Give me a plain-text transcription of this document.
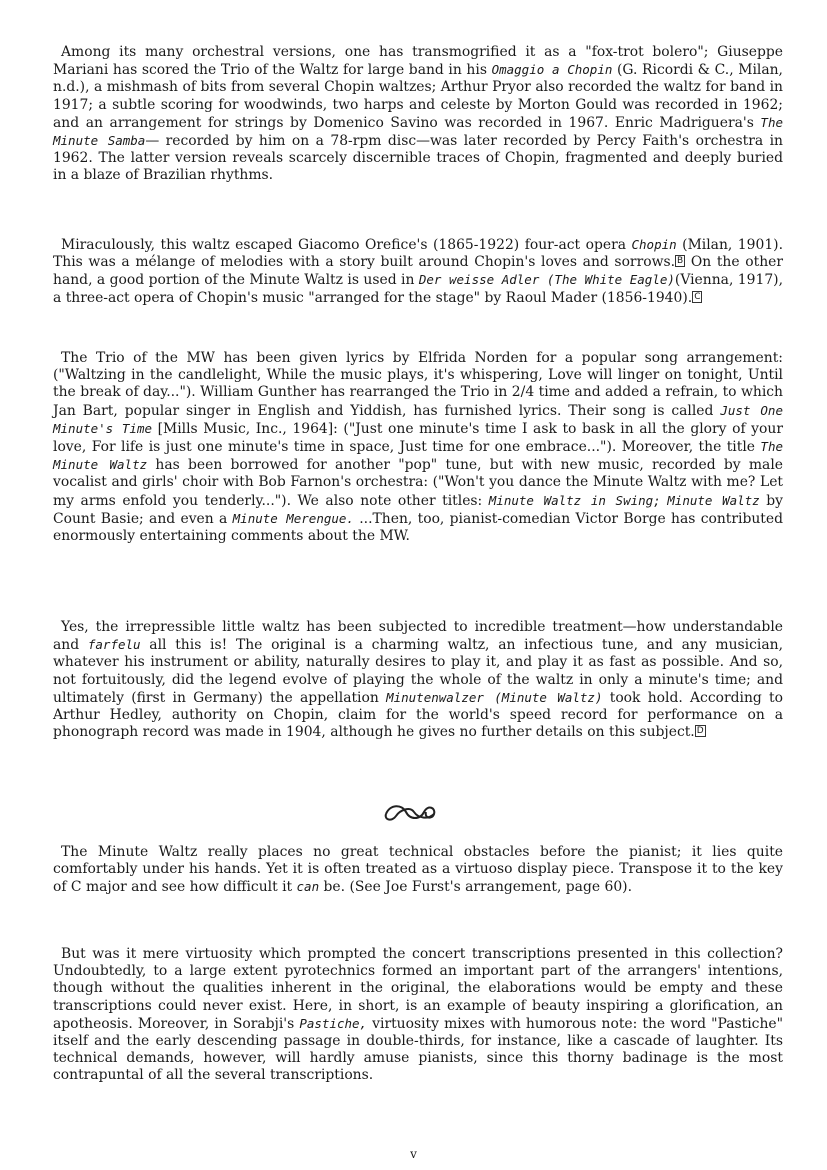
Among its many orchestral versions, one has transmogrified it as a "fox-trot bolero"; Giuseppe Mariani has scored the Trio of the Waltz for large band in his Omaggio a Chopin (G. Ricordi & C., Milan, n.d.), a mishmash of bits from several Chopin waltzes; Arthur Pryor also recorded the waltz for band in 1917; a subtle scoring for woodwinds, two harps and celeste by Morton Gould was recorded in 1962; and an arrangement for strings by Domenico Savino was recorded in 1967. Enric Madriguera's The Minute Samba— recorded by him on a 78-rpm disc—was later recorded by Percy Faith's orchestra in 1962. The latter version reveals scarcely discernible traces of Chopin, fragmented and deeply buried in a blaze of Brazilian rhythms.

Miraculously, this waltz escaped Giacomo Orefice's (1865-1922) four-act opera Chopin (Milan, 1901). This was a mélange of melodies with a story built around Chopin's loves and sorrows. B On the other hand, a good portion of the Minute Waltz is used in Der weisse Adler (The White Eagle)(Vienna, 1917), a three-act opera of Chopin's music "arranged for the stage" by Raoul Mader (1856-1940). C

The Trio of the MW has been given lyrics by Elfrida Norden for a popular song arrangement: ("Waltzing in the candlelight, While the music plays, it's whispering, Love will linger on tonight, Until the break of day..."). William Gunther has rearranged the Trio in 2/4 time and added a refrain, to which Jan Bart, popular singer in English and Yiddish, has furnished lyrics. Their song is called Just One Minute's Time [Mills Music, Inc., 1964]: ("Just one minute's time I ask to bask in all the glory of your love, For life is just one minute's time in space, Just time for one embrace..."). Moreover, the title The Minute Waltz has been borrowed for another "pop" tune, but with new music, recorded by male vocalist and girls' choir with Bob Farnon's orchestra: ("Won't you dance the Minute Waltz with me? Let my arms enfold you tenderly..."). We also note other titles: Minute Waltz in Swing; Minute Waltz by Count Basie; and even a Minute Merengue. ...Then, too, pianist-comedian Victor Borge has contributed enormously entertaining comments about the MW.

Yes, the irrepressible little waltz has been subjected to incredible treatment—how understandable and farfelu all this is! The original is a charming waltz, an infectious tune, and any musician, whatever his instrument or ability, naturally desires to play it, and play it as fast as possible. And so, not fortuitously, did the legend evolve of playing the whole of the waltz in only a minute's time; and ultimately (first in Germany) the appellation Minutenwalzer (Minute Waltz) took hold. According to Arthur Hedley, authority on Chopin, claim for the world's speed record for performance on a phonograph record was made in 1904, although he gives no further details on this subject. D

The Minute Waltz really places no great technical obstacles before the pianist; it lies quite comfortably under his hands. Yet it is often treated as a virtuoso display piece. Transpose it to the key of C major and see how difficult it can be. (See Joe Furst's arrangement, page 60).

But was it mere virtuosity which prompted the concert transcriptions presented in this collection? Undoubtedly, to a large extent pyrotechnics formed an important part of the arrangers' intentions, though without the qualities inherent in the original, the elaborations would be empty and these transcriptions could never exist. Here, in short, is an example of beauty inspiring a glorification, an apotheosis. Moreover, in Sorabji's Pastiche, virtuosity mixes with humorous note: the word "Pastiche" itself and the early descending passage in double-thirds, for instance, like a cascade of laughter. Its technical demands, however, will hardly amuse pianists, since this thorny badinage is the most contrapuntal of all the several transcriptions.

v
